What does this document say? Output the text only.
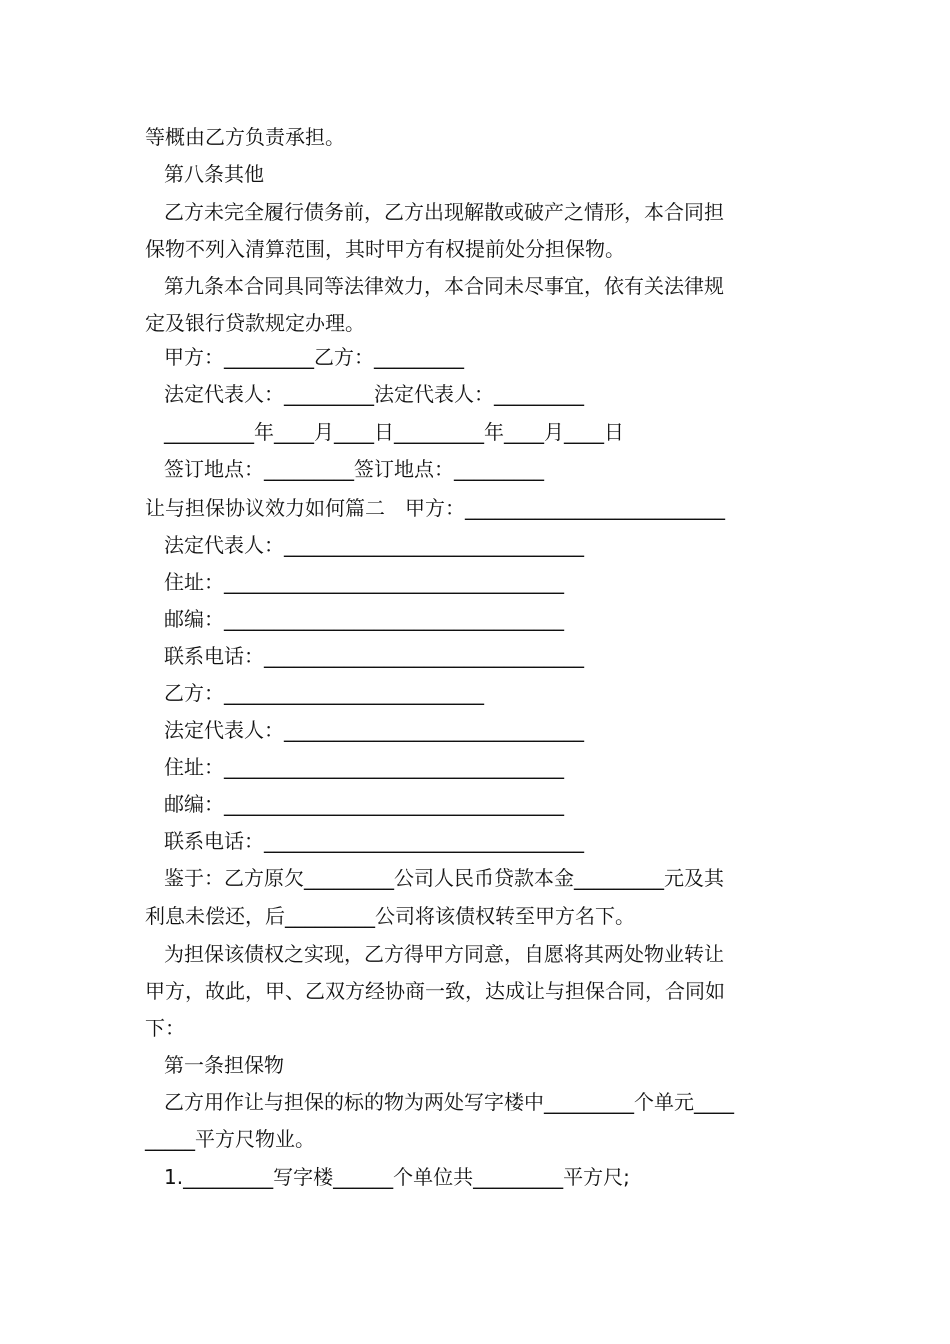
等概由乙方负责承担。
第八条其他
乙方未完全履行债务前，乙方出现解散或破产之情形，本合同担
保物不列入清算范围，其时甲方有权提前处分担保物。
第九条本合同具同等法律效力，本合同未尽事宜，依有关法律规
定及银行贷款规定办理。
甲方：_________乙方：_________
法定代表人：_________法定代表人：_________
_________年____月____日_________年____月____日
签订地点：_________签订地点：_________
让与担保协议效力如何篇二　甲方：__________________________
法定代表人：______________________________
住址：__________________________________
邮编：__________________________________
联系电话：________________________________
乙方：__________________________
法定代表人：______________________________
住址：__________________________________
邮编：__________________________________
联系电话：________________________________
鉴于：乙方原欠_________公司人民币贷款本金_________元及其
利息未偿还，后_________公司将该债权转至甲方名下。
为担保该债权之实现，乙方得甲方同意，自愿将其两处物业转让
甲方，故此，甲、乙双方经协商一致，达成让与担保合同，合同如
下：
第一条担保物
乙方用作让与担保的标的物为两处写字楼中_________个单元____
_____平方尺物业。
1._________写字楼______个单位共_________平方尺;
